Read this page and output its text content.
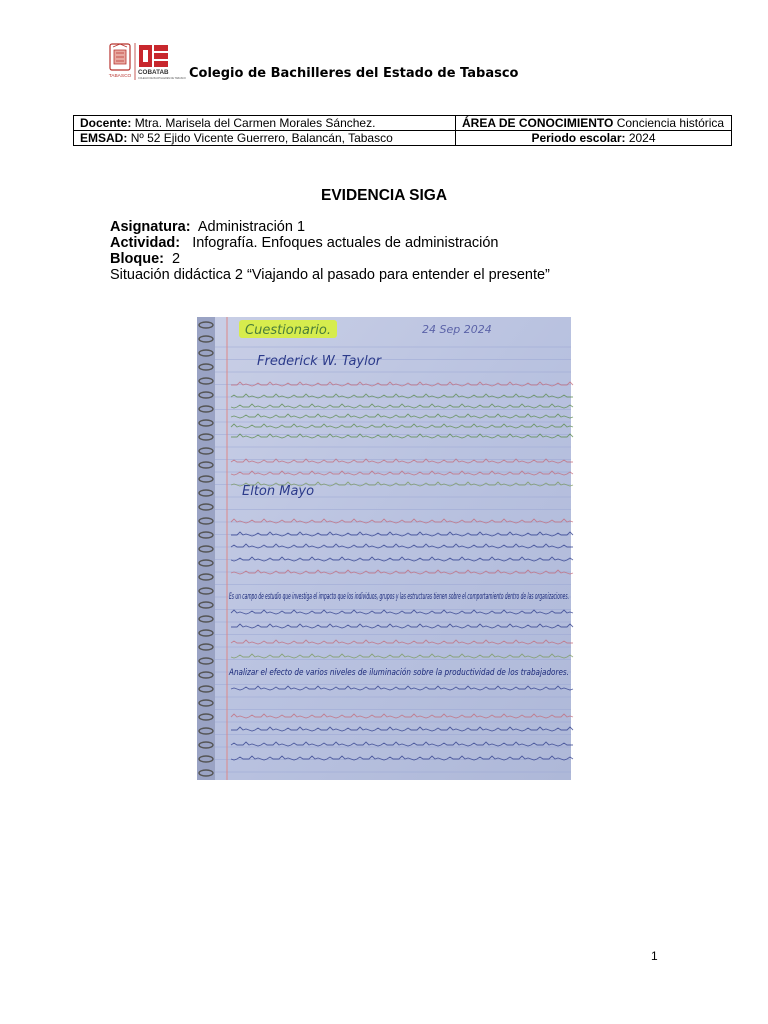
TABASCO
COBATAB
COLEGIO DE BACHILLERES DE TABASCO Colegio de Bachilleres del Estado de Tabasco
Docente: Mtra. Marisela del Carmen Morales Sánchez.	ÁREA DE CONOCIMIENTO Conciencia histórica
EMSAD: Nº 52 Ejido Vicente Guerrero, Balancán, Tabasco	Periodo escolar: 2024
EVIDENCIA SIGA
Asignatura: Administración 1
Actividad: Infografía. Enfoques actuales de administración
Bloque: 2
Situación didáctica 2 “Viajando al pasado para entender el presente”
Cuestionario.	24 Sep 2024
Frederick W. Taylor
Elton Mayo
Es un campo de estudio que investiga el impacto que los individuos, grupos y las estructuras tienen sobre el comportamiento dentro de las organizaciones.
Analizar el efecto de varios niveles de iluminación sobre la productividad de los trabajadores.
1
